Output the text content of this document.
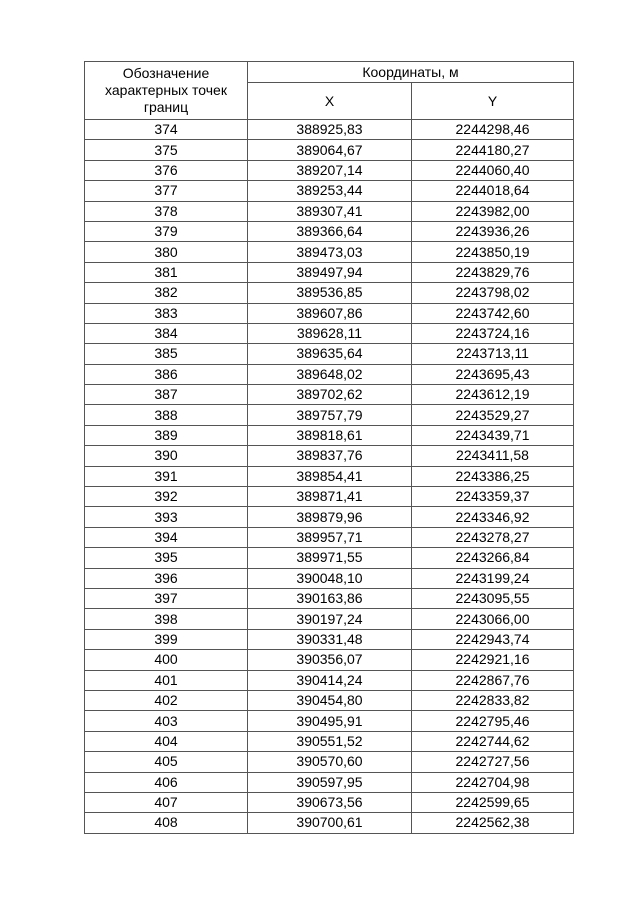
Обозначение характерных точек границ	Координаты, м	
	X	Y
374	388925,83	2244298,46
375	389064,67	2244180,27
376	389207,14	2244060,40
377	389253,44	2244018,64
378	389307,41	2243982,00
379	389366,64	2243936,26
380	389473,03	2243850,19
381	389497,94	2243829,76
382	389536,85	2243798,02
383	389607,86	2243742,60
384	389628,11	2243724,16
385	389635,64	2243713,11
386	389648,02	2243695,43
387	389702,62	2243612,19
388	389757,79	2243529,27
389	389818,61	2243439,71
390	389837,76	2243411,58
391	389854,41	2243386,25
392	389871,41	2243359,37
393	389879,96	2243346,92
394	389957,71	2243278,27
395	389971,55	2243266,84
396	390048,10	2243199,24
397	390163,86	2243095,55
398	390197,24	2243066,00
399	390331,48	2242943,74
400	390356,07	2242921,16
401	390414,24	2242867,76
402	390454,80	2242833,82
403	390495,91	2242795,46
404	390551,52	2242744,62
405	390570,60	2242727,56
406	390597,95	2242704,98
407	390673,56	2242599,65
408	390700,61	2242562,38
